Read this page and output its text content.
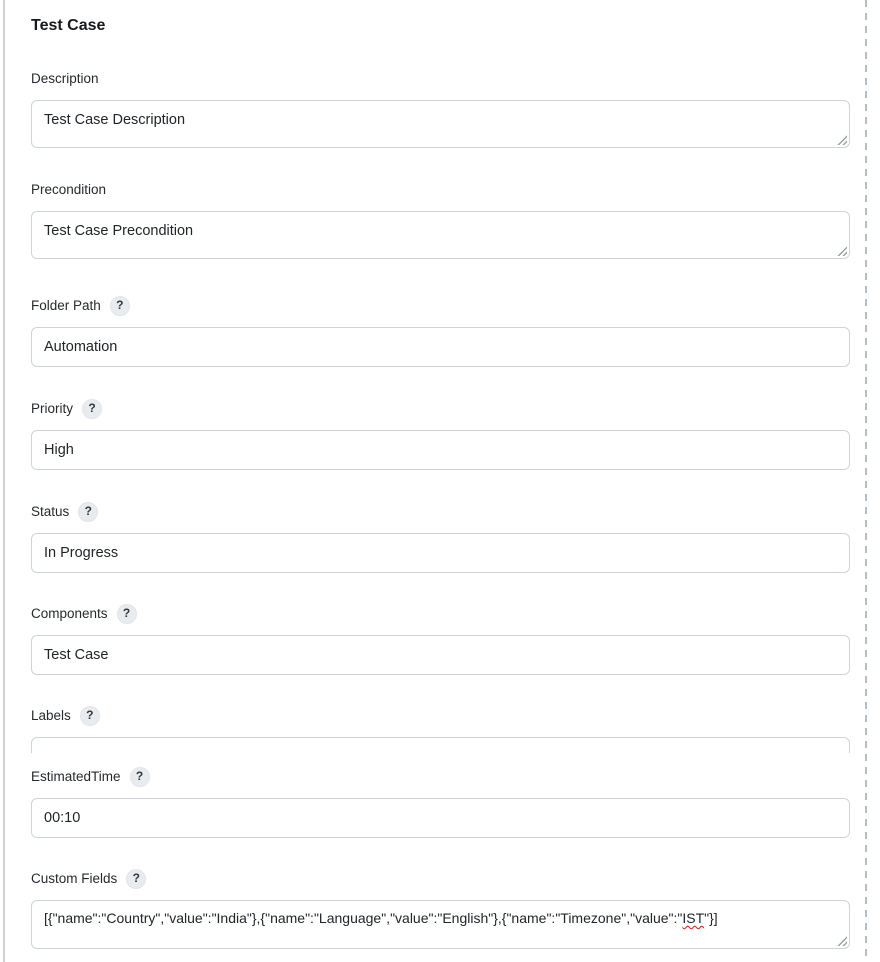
Test Case
Description
Test Case Description
Precondition
Test Case Precondition
Folder Path	?
Automation
Priority	?
High
Status	?
In Progress
Components	?
Test Case
Labels	?
EstimatedTime	?
00:10
Custom Fields	?
[{"name":"Country","value":"India"},{"name":"Language","value":"English"},{"name":"Timezone","value":"IST"}]
